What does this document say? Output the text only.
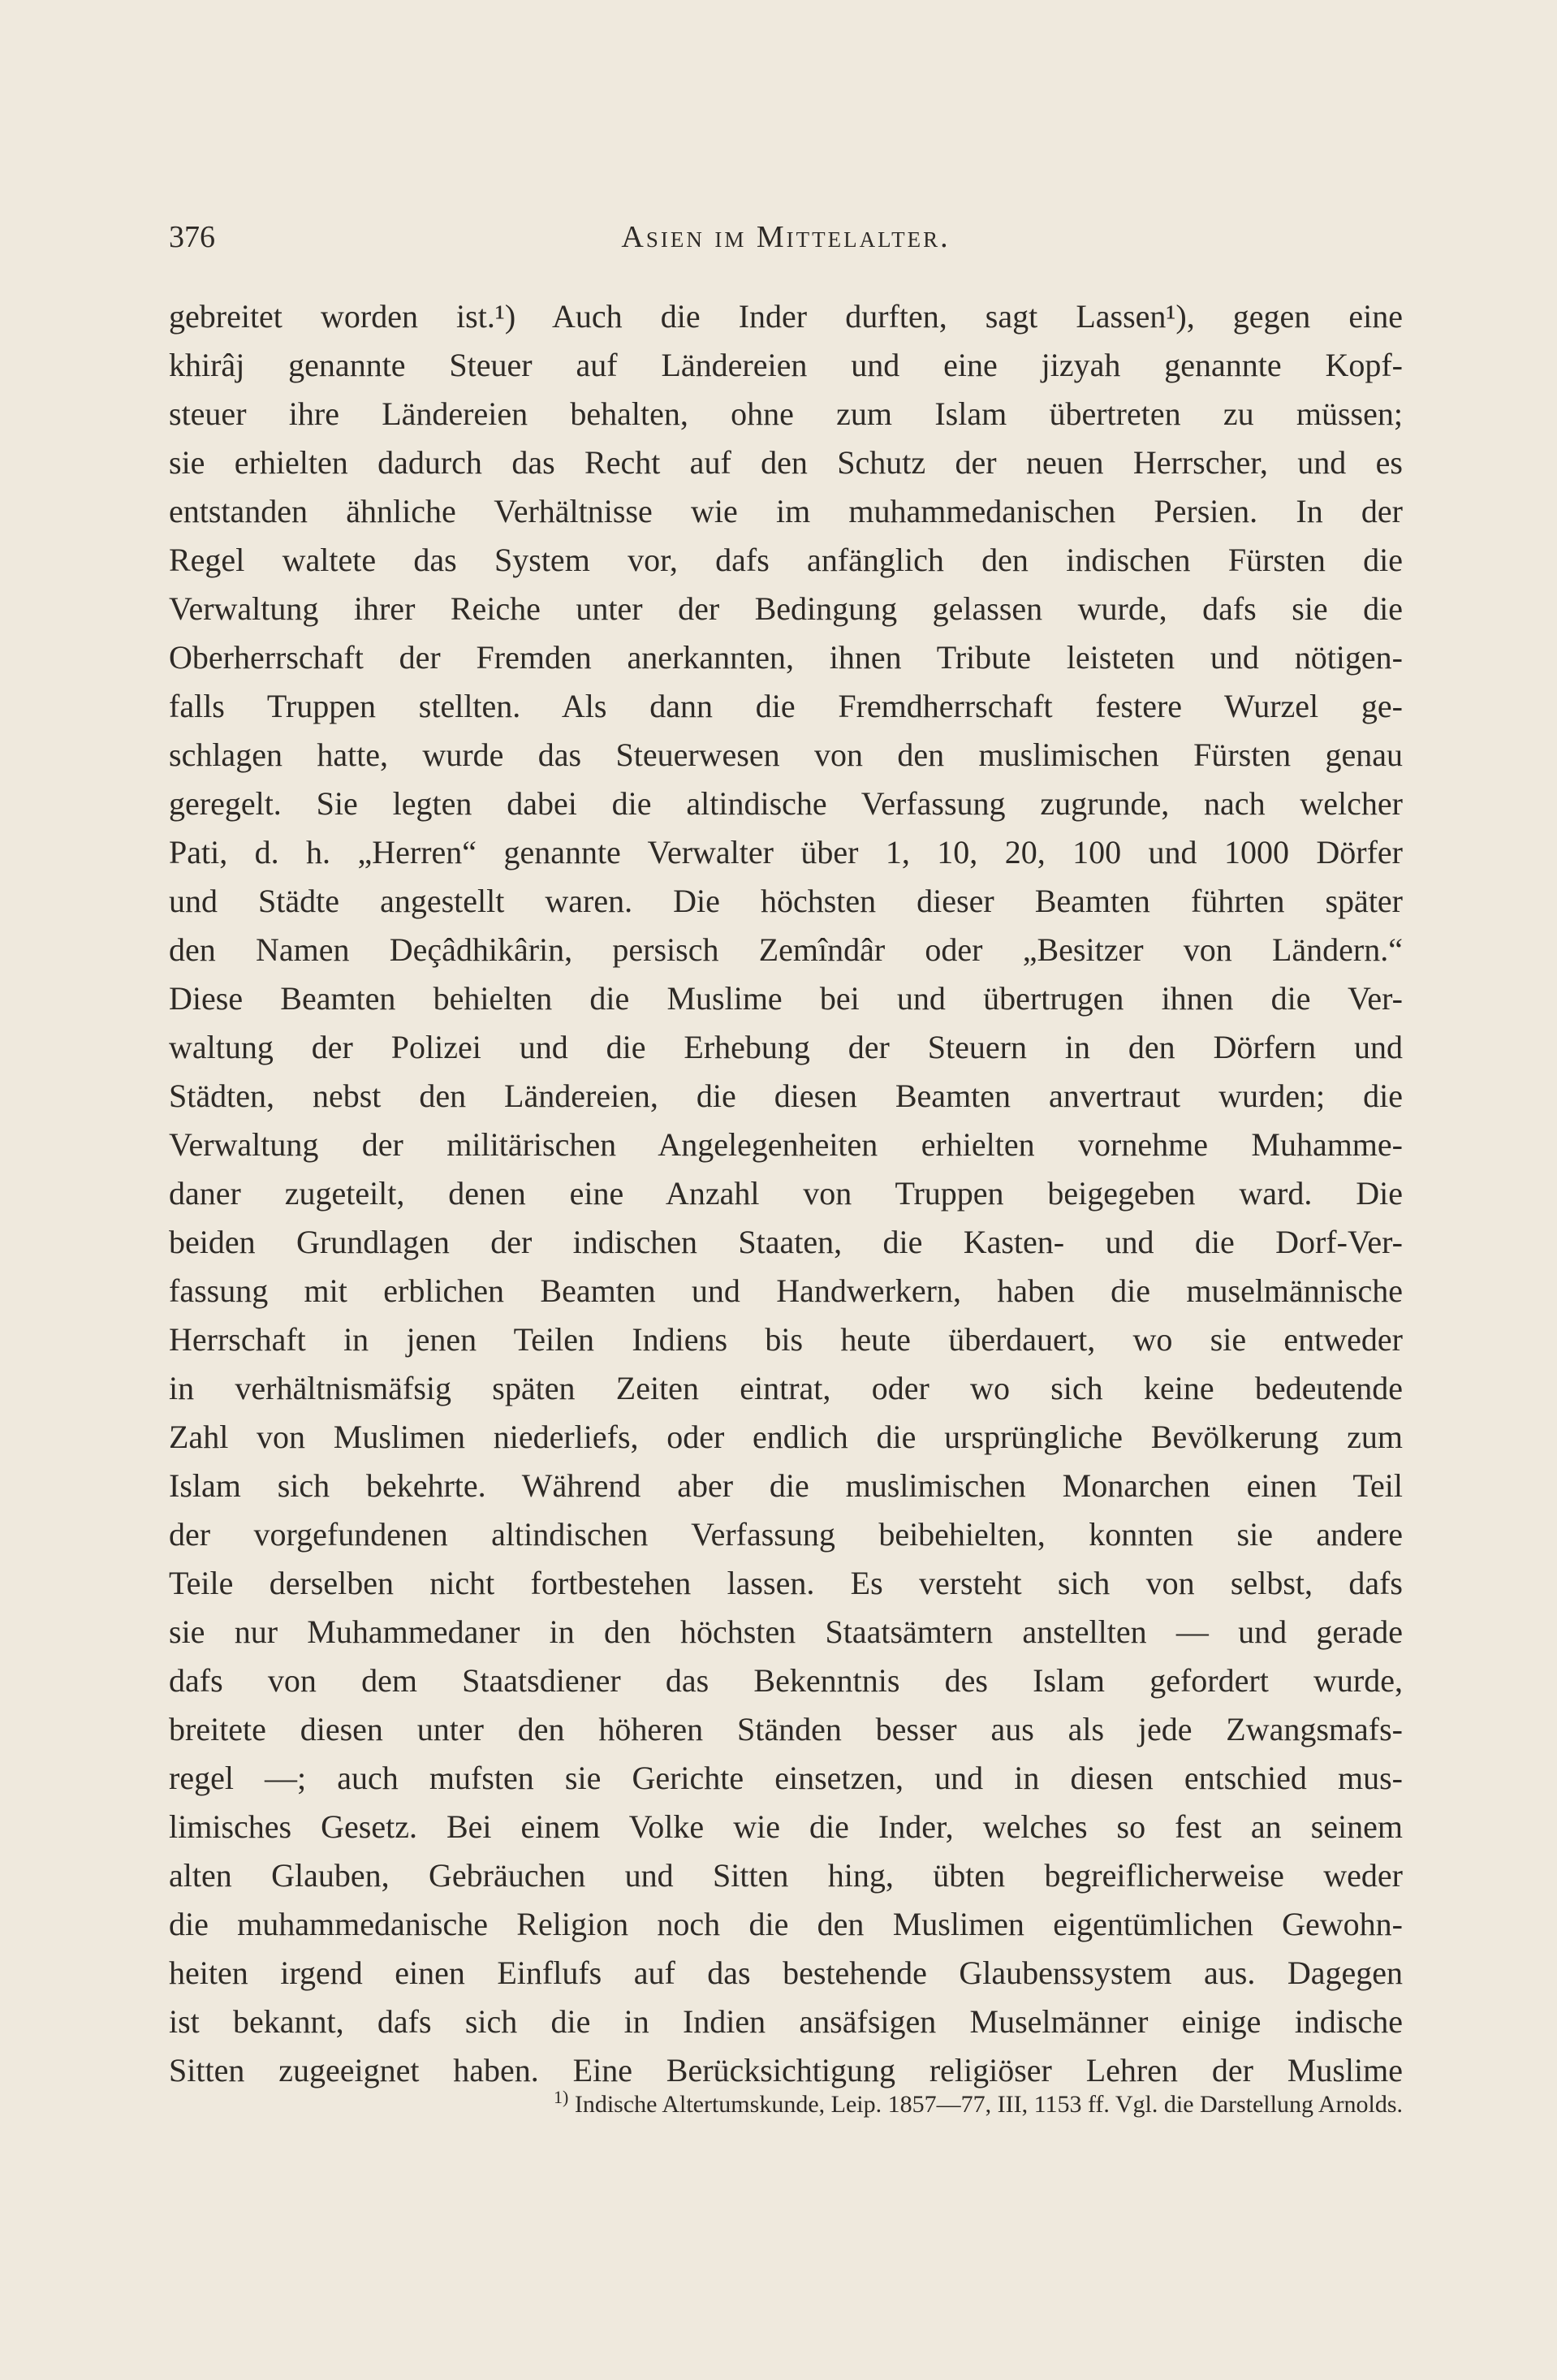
376	Asien im Mittelalter.
gebreitet worden ist.¹) Auch die Inder durften, sagt Lassen¹), gegen eine
khirâj genannte Steuer auf Ländereien und eine jizyah genannte Kopf-
steuer ihre Ländereien behalten, ohne zum Islam übertreten zu müssen;
sie erhielten dadurch das Recht auf den Schutz der neuen Herrscher, und es
entstanden ähnliche Verhältnisse wie im muhammedanischen Persien. In der
Regel waltete das System vor, dafs anfänglich den indischen Fürsten die
Verwaltung ihrer Reiche unter der Bedingung gelassen wurde, dafs sie die
Oberherrschaft der Fremden anerkannten, ihnen Tribute leisteten und nötigen-
falls Truppen stellten. Als dann die Fremdherrschaft festere Wurzel ge-
schlagen hatte, wurde das Steuerwesen von den muslimischen Fürsten genau
geregelt. Sie legten dabei die altindische Verfassung zugrunde, nach welcher
Pati, d. h. „Herren“ genannte Verwalter über 1, 10, 20, 100 und 1000 Dörfer
und Städte angestellt waren. Die höchsten dieser Beamten führten später
den Namen Deçâdhikârin, persisch Zemîndâr oder „Besitzer von Ländern.“
Diese Beamten behielten die Muslime bei und übertrugen ihnen die Ver-
waltung der Polizei und die Erhebung der Steuern in den Dörfern und
Städten, nebst den Ländereien, die diesen Beamten anvertraut wurden; die
Verwaltung der militärischen Angelegenheiten erhielten vornehme Muhamme-
daner zugeteilt, denen eine Anzahl von Truppen beigegeben ward. Die
beiden Grundlagen der indischen Staaten, die Kasten- und die Dorf-Ver-
fassung mit erblichen Beamten und Handwerkern, haben die muselmännische
Herrschaft in jenen Teilen Indiens bis heute überdauert, wo sie entweder
in verhältnismäfsig späten Zeiten eintrat, oder wo sich keine bedeutende
Zahl von Muslimen niederliefs, oder endlich die ursprüngliche Bevölkerung zum
Islam sich bekehrte. Während aber die muslimischen Monarchen einen Teil
der vorgefundenen altindischen Verfassung beibehielten, konnten sie andere
Teile derselben nicht fortbestehen lassen. Es versteht sich von selbst, dafs
sie nur Muhammedaner in den höchsten Staatsämtern anstellten — und gerade
dafs von dem Staatsdiener das Bekenntnis des Islam gefordert wurde,
breitete diesen unter den höheren Ständen besser aus als jede Zwangsmafs-
regel —; auch mufsten sie Gerichte einsetzen, und in diesen entschied mus-
limisches Gesetz. Bei einem Volke wie die Inder, welches so fest an seinem
alten Glauben, Gebräuchen und Sitten hing, übten begreiflicherweise weder
die muhammedanische Religion noch die den Muslimen eigentümlichen Gewohn-
heiten irgend einen Einflufs auf das bestehende Glaubenssystem aus. Dagegen
ist bekannt, dafs sich die in Indien ansäfsigen Muselmänner einige indische
Sitten zugeeignet haben. Eine Berücksichtigung religiöser Lehren der Muslime
$^{1)}$ Indische Altertumskunde, Leip. 1857—77, III, 1153 ff. Vgl. die Darstellung Arnolds.
